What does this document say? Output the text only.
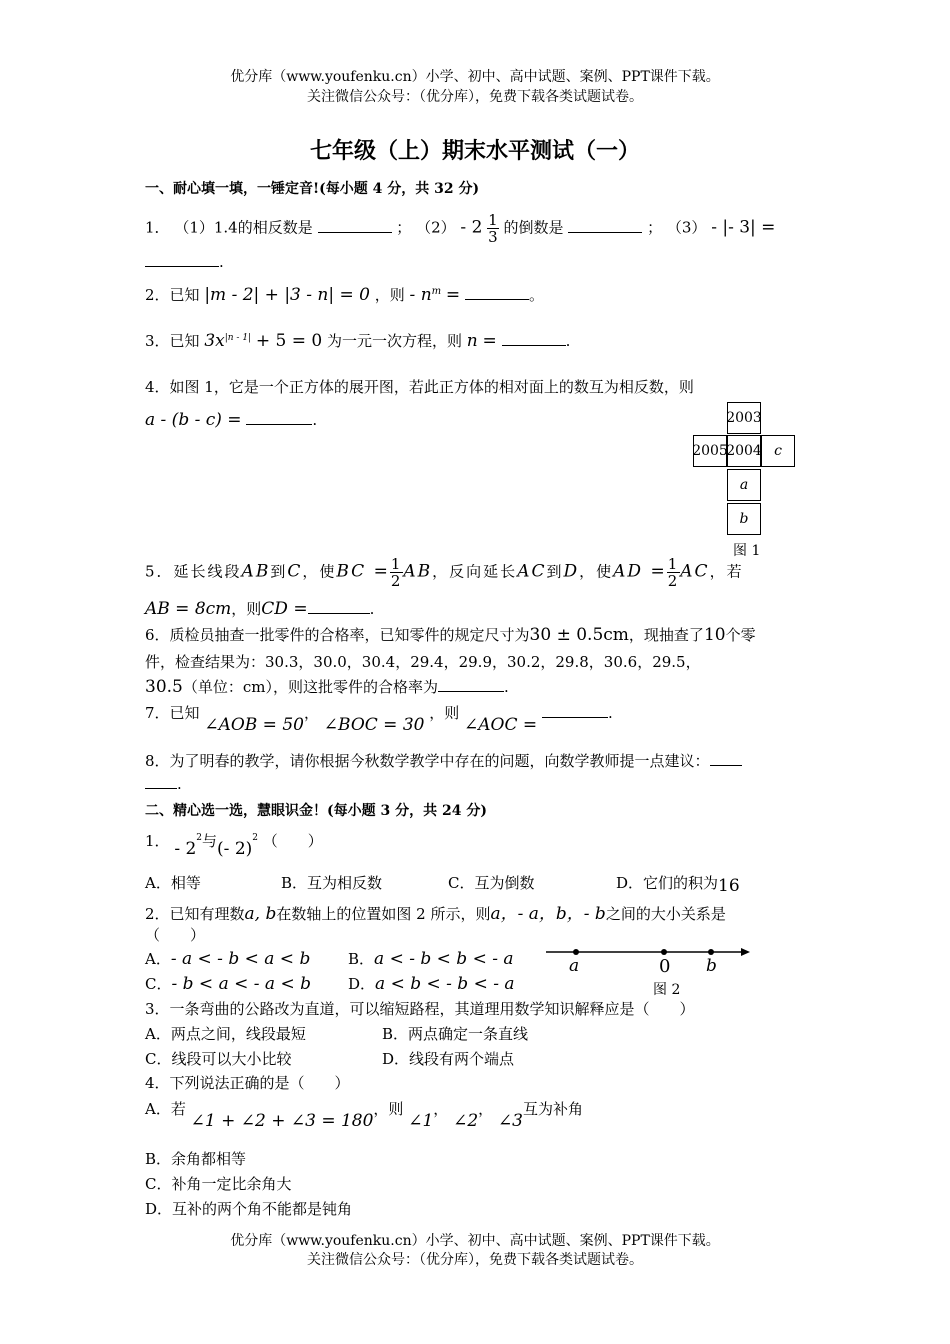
优分库（www.youfenku.cn）小学、初中、高中试题、案例、PPT课件下载。
关注微信公众号：（优分库），免费下载各类试题试卷。
七年级（上）期末水平测试（一）
一、耐心填一填，一锤定音!(每小题 4 分，共 32 分)
1． （1）1.4的相反数是	； $(2) - 2 \frac{1}{3}$ 的倒数是	； （3） - |- 3| =
.
2．已知 |m - 2| + |3 - n| = 0 ，则 - $n^m$ =	。
3．已知 $3x^{|n - 1|} + 5 = 0$ 为一元一次方程，则 n =	.
4．如图 1，它是一个正方体的展开图，若此正方体的相对面上的数互为相反数，则
a - (b - c) =	.	2003
2005
2004 c
a
b
图 1
5．延长线段AB到C，使BC = $\frac{1}{2}$ AB，反向延长AC到D，使AD = $\frac{1}{2}$ AC，若
AB = 8cm，则CD =	.
6．质检员抽查一批零件的合格率，已知零件的规定尺寸为30 ± 0.5cm，现抽查了10个零
件，检查结果为：30.3，30.0，30.4，29.4，29.9，30.2，29.8，30.6，29.5，
30.5（单位：cm），则这批零件的合格率为	.
7．已知 ∠AOB = 50， ∠BOC = 30 ，则 ∠AOC = .
8．为了明春的教学，请你根据今秋数学教学中存在的问题，向数学教师提一点建议：
.
二、精心选一选，慧眼识金！(每小题 3 分，共 24 分)
1． - $2^2$与(- 2)$^2$ （　　）
A．相等	B．互为相反数	C．互为倒数	D．它们的积为16
2．已知有理数a, b在数轴上的位置如图 2 所示，则a，- a，b，- b之间的大小关系是
（　　）
A．- a < - b < a < b	B．a < - b < b < - a
C．- b < a < - a < b D．a < b < - b < - a
a	0 b
图 2
3．一条弯曲的公路改为直道，可以缩短路程，其道理用数学知识解释应是（　　）
A．两点之间，线段最短	B．两点确定一条直线
C．线段可以大小比较	D．线段有两个端点
4．下列说法正确的是（　　）
A．若 ∠1 + ∠2 + ∠3 = 180，则 ∠1， ∠2， ∠3互为补角
B．余角都相等
C．补角一定比余角大
D．互补的两个角不能都是钝角
优分库（www.youfenku.cn）小学、初中、高中试题、案例、PPT课件下载。
关注微信公众号：（优分库），免费下载各类试题试卷。
